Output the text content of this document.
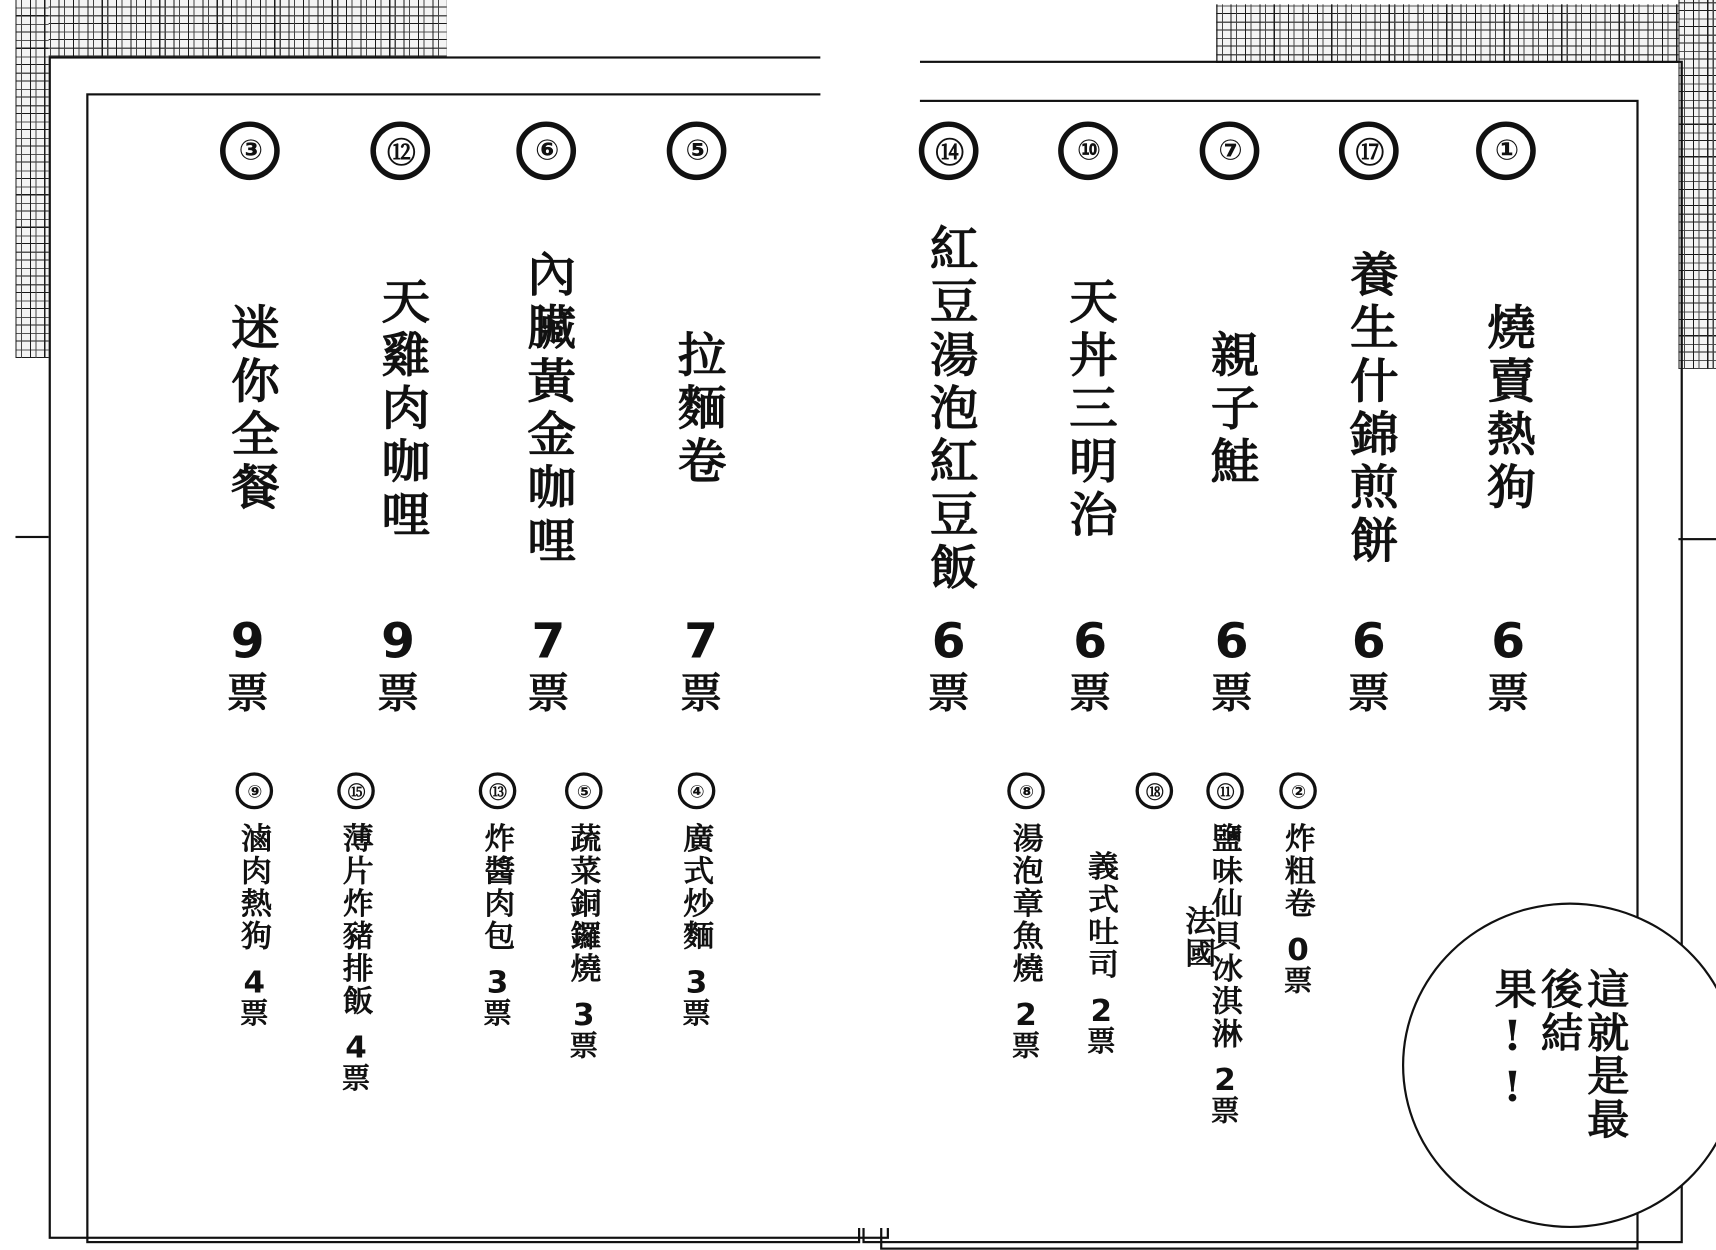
③
迷你全餐
⑫
天雞肉咖哩
⑥
內臟黃金咖哩
⑤
拉麵卷
⑭
紅豆湯泡紅豆飯
⑩
天丼三明治
⑦
親子鮭
⑰
養生什錦煎餅
①
燒賣熱狗
9
票
9
票
7
票
7
票
6
票
6
票
6
票
6
票
6
票
⑨
滷肉熱狗
4
票
⑮
薄片炸豬排飯
4
票
⑬
炸醬肉包
3
票
⑤
蔬菜銅鑼燒
3
票
④
廣式炒麵
3
票
⑧
湯泡章魚燒
2
票
⑱
法國
義式吐司
2
票
⑪
鹽味仙貝冰淇淋
2
票
②
炸粗卷
0
票	這就是最後結果!!
